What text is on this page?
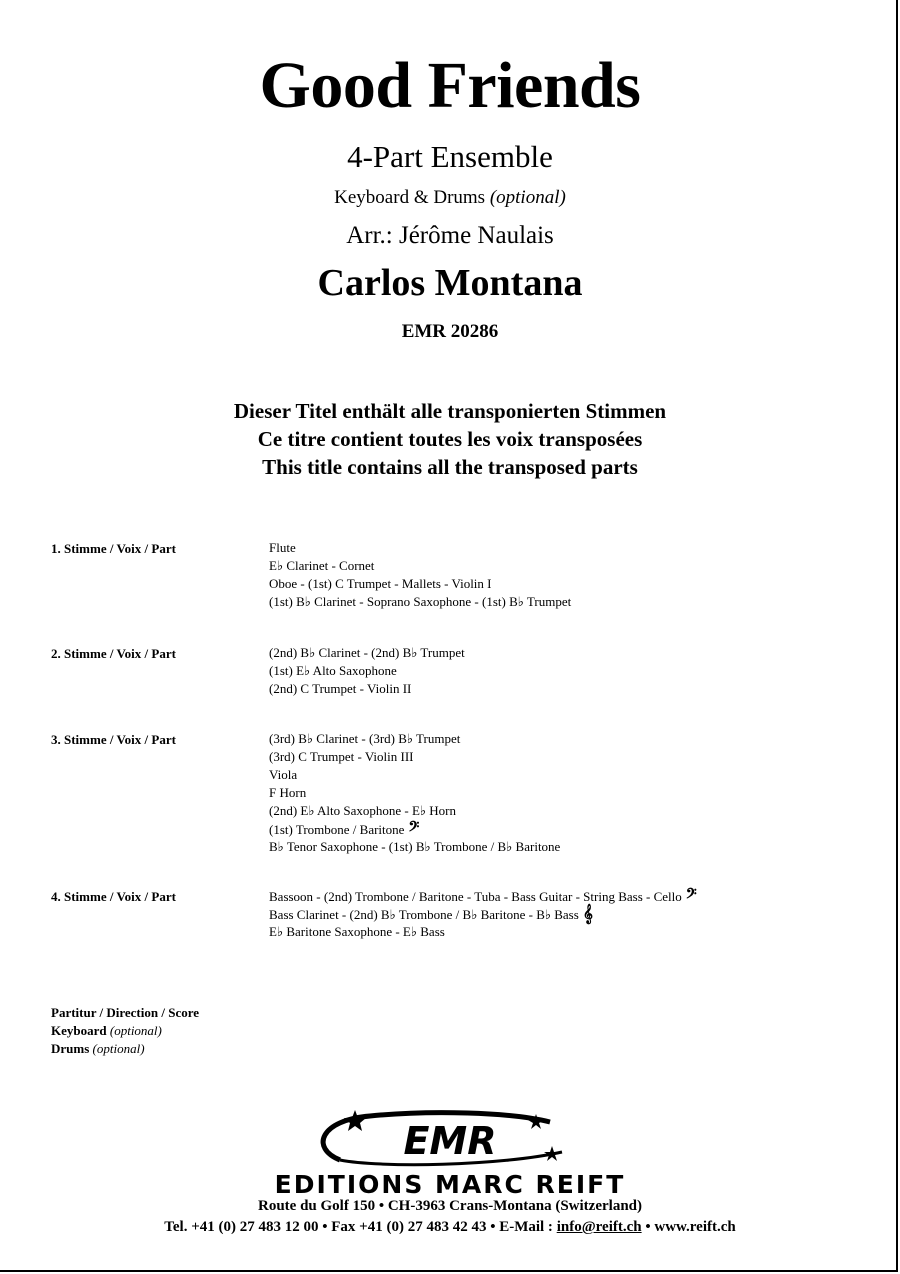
Good Friends
4-Part Ensemble
Keyboard & Drums (optional)
Arr.: Jérôme Naulais
Carlos Montana
EMR 20286
Dieser Titel enthält alle transponierten Stimmen
Ce titre contient toutes les voix transposées
This title contains all the transposed parts
1. Stimme / Voix / Part	Flute
E♭ Clarinet - Cornet
Oboe - (1st) C Trumpet - Mallets - Violin I
(1st) B♭ Clarinet - Soprano Saxophone - (1st) B♭ Trumpet
2. Stimme / Voix / Part	(2nd) B♭ Clarinet - (2nd) B♭ Trumpet
(1st) E♭ Alto Saxophone
(2nd) C Trumpet - Violin II
3. Stimme / Voix / Part	(3rd) B♭ Clarinet - (3rd) B♭ Trumpet
(3rd) C Trumpet - Violin III
Viola
F Horn
(2nd) E♭ Alto Saxophone - E♭ Horn
(1st) Trombone / Baritone 𝄢
B♭ Tenor Saxophone - (1st) B♭ Trombone / B♭ Baritone
4. Stimme / Voix / Part	Bassoon - (2nd) Trombone / Baritone - Tuba - Bass Guitar - String Bass - Cello 𝄢
Bass Clarinet - (2nd) B♭ Trombone / B♭ Baritone - B♭ Bass 𝄞
E♭ Baritone Saxophone - E♭ Bass
Partitur / Direction / Score
Keyboard (optional)
Drums (optional)
EMR
EDITIONS MARC REIFT
Route du Golf 150 • CH-3963 Crans-Montana (Switzerland)
Tel. +41 (0) 27 483 12 00 • Fax +41 (0) 27 483 42 43 • E-Mail : info@reift.ch • www.reift.ch
